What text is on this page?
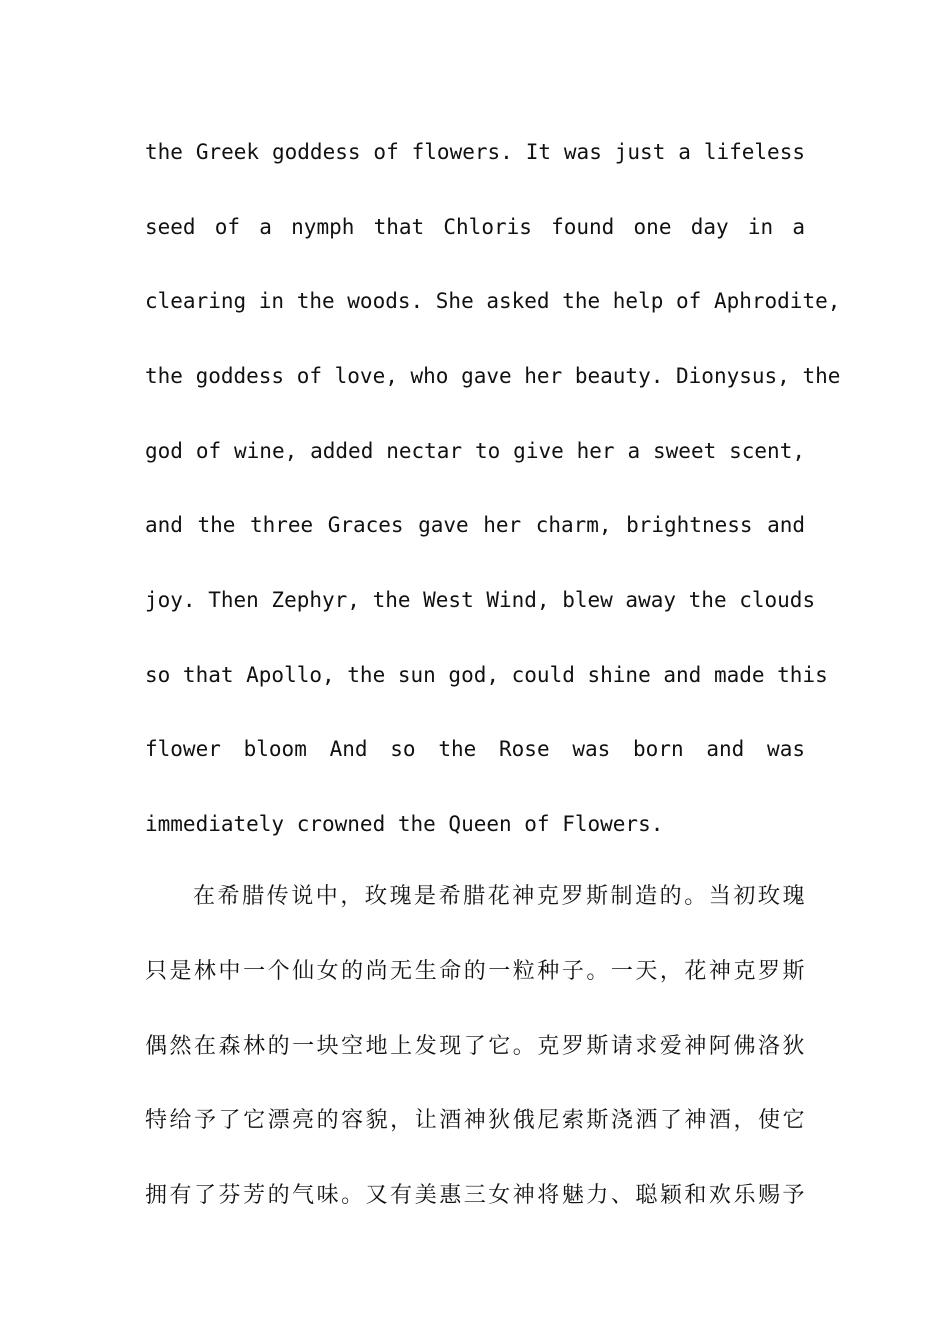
the Greek goddess of flowers. It was just a lifeless
seed of a nymph that Chloris found one day in a
clearing in the woods. She asked the help of Aphrodite,
the goddess of love, who gave her beauty. Dionysus, the
god of wine, added nectar to give her a sweet scent,
and the three Graces gave her charm, brightness and
joy. Then Zephyr, the West Wind, blew away the clouds
so that Apollo, the sun god, could shine and made this
flower bloom And so the Rose was born and was
immediately crowned the Queen of Flowers.
在希腊传说中，玫瑰是希腊花神克罗斯制造的。当初玫瑰
只是林中一个仙女的尚无生命的一粒种子。一天，花神克罗斯
偶然在森林的一块空地上发现了它。克罗斯请求爱神阿佛洛狄
特给予了它漂亮的容貌，让酒神狄俄尼索斯浇洒了神酒，使它
拥有了芬芳的气味。又有美惠三女神将魅力、聪颖和欢乐赐予
